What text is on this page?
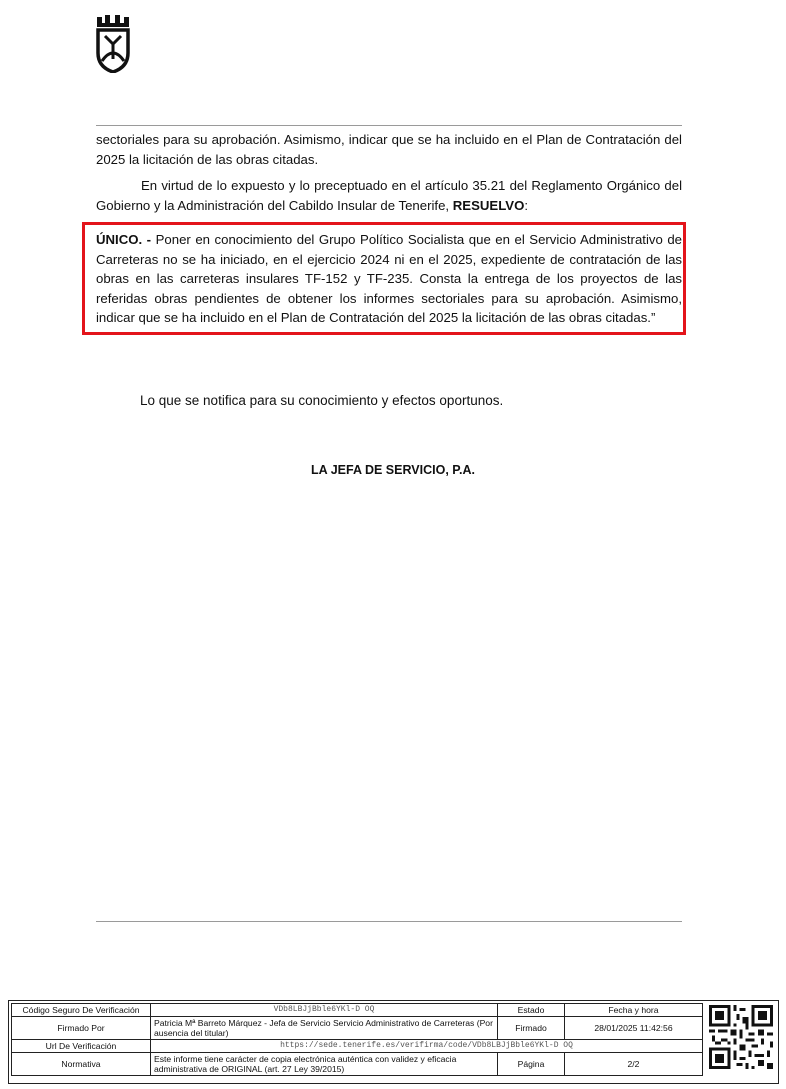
sectoriales para su aprobación. Asimismo, indicar que se ha incluido en el Plan de Contratación del 2025 la licitación de las obras citadas.

En virtud de lo expuesto y lo preceptuado en el artículo 35.21 del Reglamento Orgánico del Gobierno y la Administración del Cabildo Insular de Tenerife, RESUELVO:

ÚNICO. - Poner en conocimiento del Grupo Político Socialista que en el Servicio Administrativo de Carreteras no se ha iniciado, en el ejercicio 2024 ni en el 2025, expediente de contratación de las obras en las carreteras insulares TF-152 y TF-235. Consta la entrega de los proyectos de las referidas obras pendientes de obtener los informes sectoriales para su aprobación. Asimismo, indicar que se ha incluido en el Plan de Contratación del 2025 la licitación de las obras citadas.”

Lo que se notifica para su conocimiento y efectos oportunos.
LA JEFA DE SERVICIO, P.A.
Código Seguro De Verificación	VDb8LBJjBble6YKl-D OQ	Estado	Fecha y hora
Firmado Por	Patricia Mª Barreto Márquez - Jefa de Servicio Servicio Administrativo de Carreteras (Por ausencia del titular)	Firmado	28/01/2025 11:42:56
Url De Verificación	https://sede.tenerife.es/verifirma/code/VDb8LBJjBble6YKl-D OQ		
Normativa	Este informe tiene carácter de copia electrónica auténtica con validez y eficacia administrativa de ORIGINAL (art. 27 Ley 39/2015)	Página	2/2
